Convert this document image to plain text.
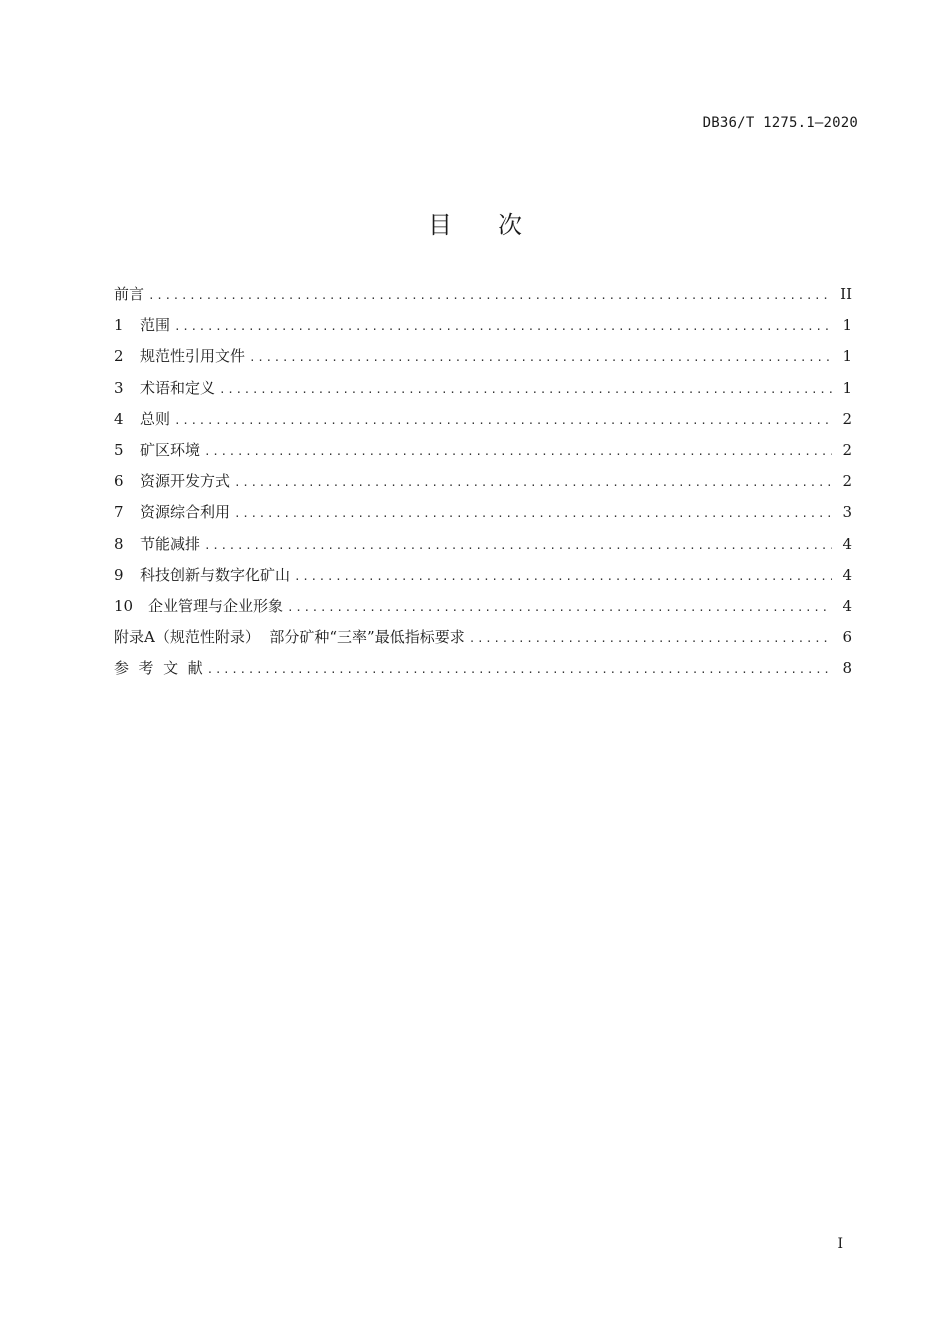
DB36/T 1275.1—2020
目次
前言 .....	II
1	范围 .....	1
2	规范性引用文件 .....	1
3	术语和定义 .....	1
4	总则 .....	2
5	矿区环境 .....	2
6	资源开发方式 .....	2
7	资源综合利用 .....	3
8	节能减排 .....	4
9	科技创新与数字化矿山 .....	4
10 企业管理与企业形象 .....	4
附录A（规范性附录）  部分矿种“三率”最低指标要求 .....	6
参  考  文  献 .....	8
I
